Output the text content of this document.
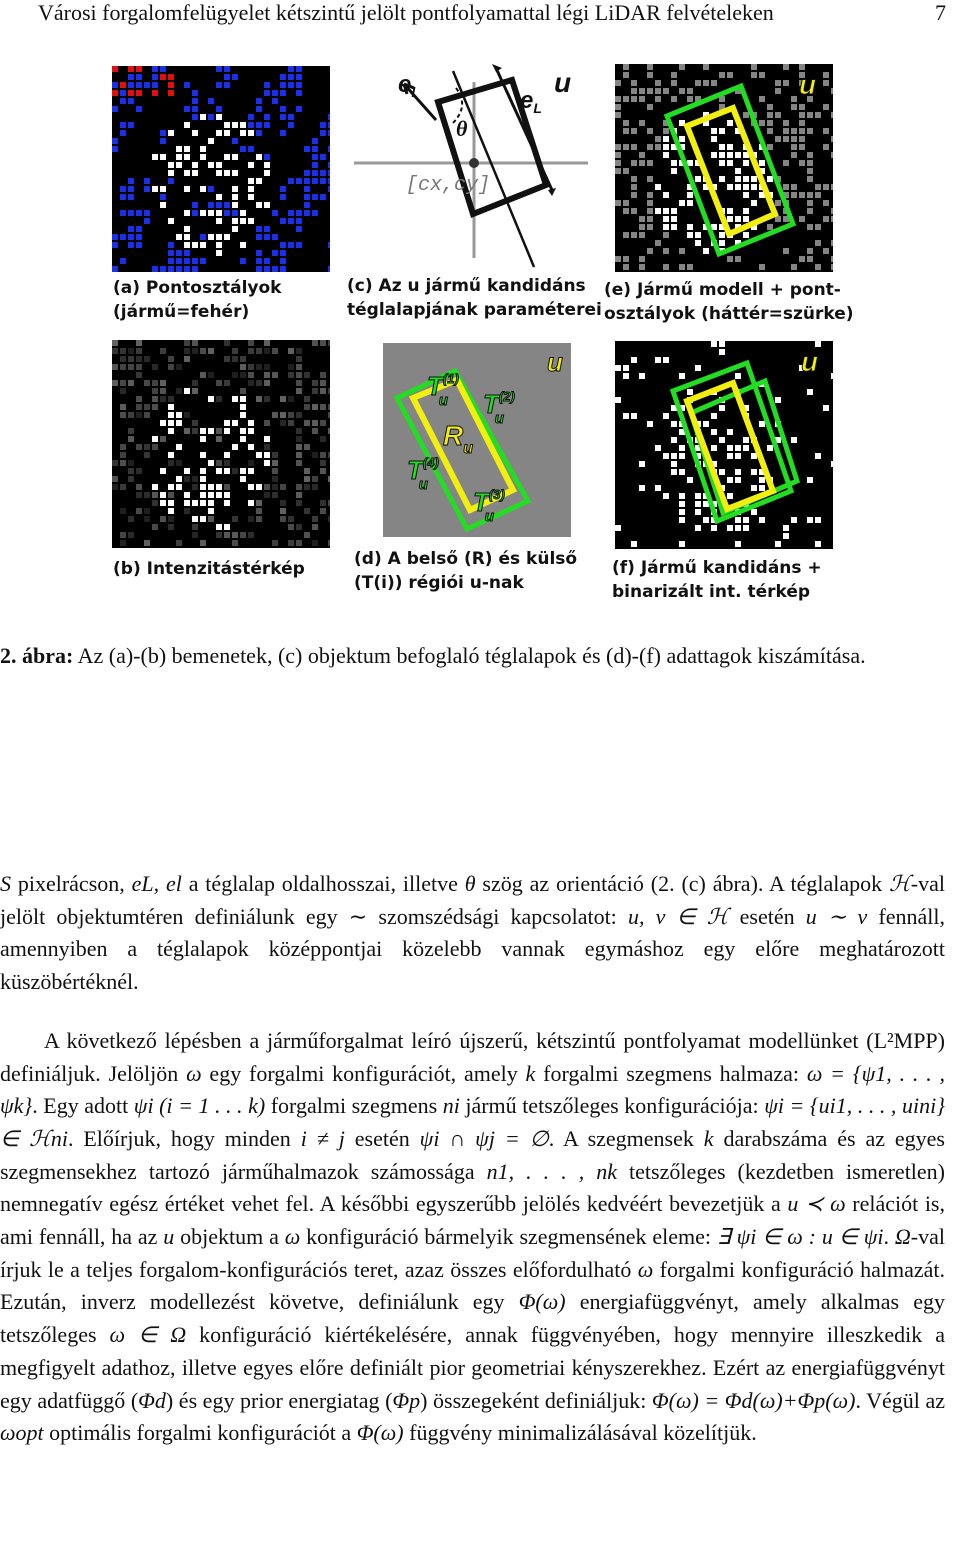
Városi forgalomfelügyelet kétszintű jelölt pontfolyamattal légi LiDAR felvételeken	7
(a) Pontosztályok
(jármű=fehér)
(b) Intenzitástérkép
$e_l$	$e_L$
u
θ
[cx,cy]
(c) Az u jármű kandidáns
téglalapjának paraméterei
u
$R_u$
$T^{(1)}$ u	$T^{(2)}$ u
$T^{(4)}$ u
$T^{(3)}$ u
(d) A belső (R) és külső
(T(i)) régiói u-nak
u
(e) Jármű modell + pont-
osztályok (háttér=szürke)
u
(f) Jármű kandidáns +
binarizált int. térkép
2. ábra: Az (a)-(b) bemenetek, (c) objektum befoglaló téglalapok és (d)-(f) adattagok kiszámítása.

S pixelrácson, eL, el a téglalap oldalhosszai, illetve θ szög az orientáció (2. (c) ábra). A téglalapok ℋ-val jelölt objektumtéren definiálunk egy ∼ szomszédsági kapcsolatot: u, v ∈ ℋ esetén u ∼ v fennáll, amennyiben a téglalapok középpontjai közelebb vannak egymáshoz egy előre meghatározott küszöbértéknél.

A következő lépésben a járműforgalmat leíró újszerű, kétszintű pontfolyamat modellünket (L²MPP) definiáljuk. Jelöljön ω egy forgalmi konfigurációt, amely k forgalmi szegmens halmaza: ω = {ψ1, . . . , ψk}. Egy adott ψi (i = 1 . . . k) forgalmi szegmens ni jármű tetszőleges konfigurációja: ψi = {ui1, . . . , uini} ∈ ℋni. Előírjuk, hogy minden i ≠ j esetén ψi ∩ ψj = ∅. A szegmensek k darabszáma és az egyes szegmensekhez tartozó járműhalmazok számossága n1, . . . , nk tetszőleges (kezdetben ismeretlen) nemnegatív egész értéket vehet fel. A későbbi egyszerűbb jelölés kedvéért bevezetjük a u ≺ ω relációt is, ami fennáll, ha az u objektum a ω konfiguráció bármelyik szegmensének eleme: ∃ ψi ∈ ω : u ∈ ψi. Ω-val írjuk le a teljes forgalom-konfigurációs teret, azaz összes előfordulható ω forgalmi konfiguráció halmazát. Ezután, inverz modellezést követve, definiálunk egy Φ(ω) energiafüggvényt, amely alkalmas egy tetszőleges ω ∈ Ω konfiguráció kiértékelésére, annak függvényében, hogy mennyire illeszkedik a megfigyelt adathoz, illetve egyes előre definiált pior geometriai kényszerekhez. Ezért az energiafüggvényt egy adatfüggő (Φd) és egy prior energiatag (Φp) összegeként definiáljuk: Φ(ω) = Φd(ω)+Φp(ω). Végül az ωopt optimális forgalmi konfigurációt a Φ(ω) függvény minimalizálásával közelítjük.
